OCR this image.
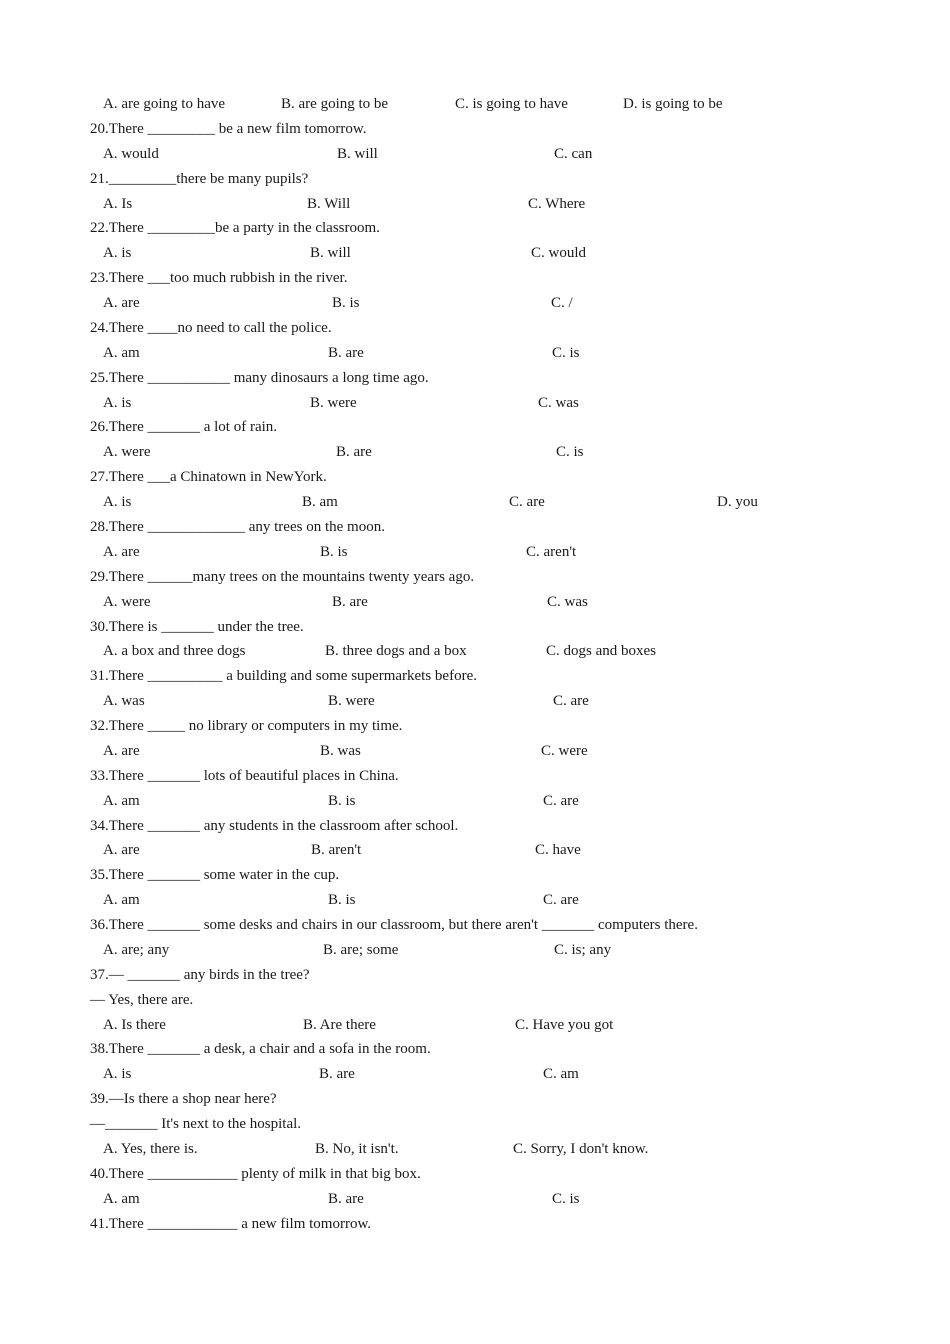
A. are going to have	B. are going to be	C. is going to have	D. is going to be
20.There _________ be a new film tomorrow.
A. would	B. will	C. can
21._________there be many pupils?
A. Is	B. Will	C. Where
22.There _________be a party in the classroom.
A. is	B. will	C. would
23.There ___too much rubbish in the river.
A. are	B. is	C. /
24.There ____no need to call the police.
A. am	B. are	C. is
25.There ___________ many dinosaurs a long time ago.
A. is	B. were	C. was
26.There _______ a lot of rain.
A. were	B. are	C. is
27.There ___a Chinatown in NewYork.
A. is	B. am	C. are	D. you
28.There _____________ any trees on the moon.
A. are	B. is	C. aren't
29.There ______many trees on the mountains twenty years ago.
A. were	B. are	C. was
30.There is _______ under the tree.
A. a box and three dogs	B. three dogs and a box	C. dogs and boxes
31.There __________ a building and some supermarkets before.
A. was	B. were	C. are
32.There _____ no library or computers in my time.
A. are	B. was	C. were
33.There _______ lots of beautiful places in China.
A. am	B. is	C. are
34.There _______ any students in the classroom after school.
A. are	B. aren't	C. have
35.There _______ some water in the cup.
A. am	B. is	C. are
36.There _______ some desks and chairs in our classroom, but there aren't _______ computers there.
A. are; any	B. are; some	C. is; any
37.— _______ any birds in the tree?
— Yes, there are.
A. Is there	B. Are there	C. Have you got
38.There _______ a desk, a chair and a sofa in the room.
A. is	B. are	C. am
39.—Is there a shop near here?
—_______ It's next to the hospital.
A. Yes, there is.	B. No, it isn't.	C. Sorry, I don't know.
40.There ____________ plenty of milk in that big box.
A. am	B. are	C. is
41.There ____________ a new film tomorrow.
